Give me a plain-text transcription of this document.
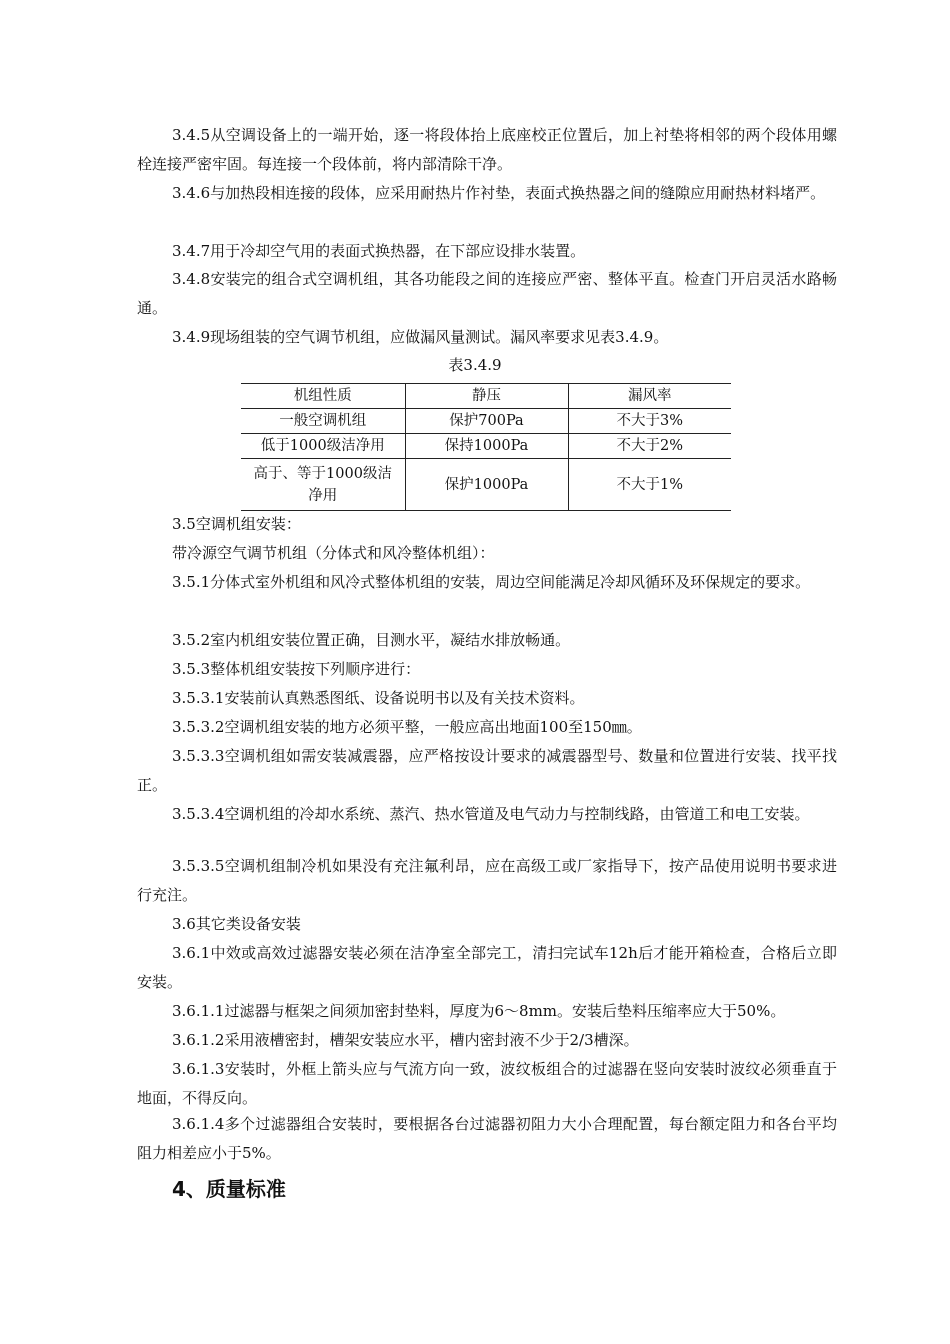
3.4.5从空调设备上的一端开始，逐一将段体抬上底座校正位置后，加上衬垫将相邻的两个段体用螺栓连接严密牢固。每连接一个段体前，将内部清除干净。

3.4.6与加热段相连接的段体，应采用耐热片作衬垫，表面式换热器之间的缝隙应用耐热材料堵严。

3.4.7用于冷却空气用的表面式换热器，在下部应设排水装置。

3.4.8安装完的组合式空调机组，其各功能段之间的连接应严密、整体平直。检查门开启灵活水路畅通。

3.4.9现场组装的空气调节机组，应做漏风量测试。漏风率要求见表3.4.9。

表3.4.9
机组性质	静压	漏风率
一般空调机组	保护700Pa	不大于3%
低于1000级洁净用	保持1000Pa	不大于2%
高于、等于1000级洁净用	保护1000Pa	不大于1%

3.5空调机组安装：

带冷源空气调节机组（分体式和风冷整体机组）：

3.5.1分体式室外机组和风冷式整体机组的安装，周边空间能满足冷却风循环及环保规定的要求。

3.5.2室内机组安装位置正确，目测水平，凝结水排放畅通。

3.5.3整体机组安装按下列顺序进行：

3.5.3.1安装前认真熟悉图纸、设备说明书以及有关技术资料。

3.5.3.2空调机组安装的地方必须平整，一般应高出地面100至150㎜。

3.5.3.3空调机组如需安装减震器，应严格按设计要求的减震器型号、数量和位置进行安装、找平找正。

3.5.3.4空调机组的冷却水系统、蒸汽、热水管道及电气动力与控制线路，由管道工和电工安装。

3.5.3.5空调机组制冷机如果没有充注氟利昂，应在高级工或厂家指导下，按产品使用说明书要求进行充注。

3.6其它类设备安装

3.6.1中效或高效过滤器安装必须在洁净室全部完工，清扫完试车12h后才能开箱检查，合格后立即安装。

3.6.1.1过滤器与框架之间须加密封垫料，厚度为6～8mm。安装后垫料压缩率应大于50%。

3.6.1.2采用液槽密封，槽架安装应水平，槽内密封液不少于2/3槽深。

3.6.1.3安装时，外框上箭头应与气流方向一致，波纹板组合的过滤器在竖向安装时波纹必须垂直于地面，不得反向。

3.6.1.4多个过滤器组合安装时，要根据各台过滤器初阻力大小合理配置，每台额定阻力和各台平均阻力相差应小于5%。

4、质量标准
